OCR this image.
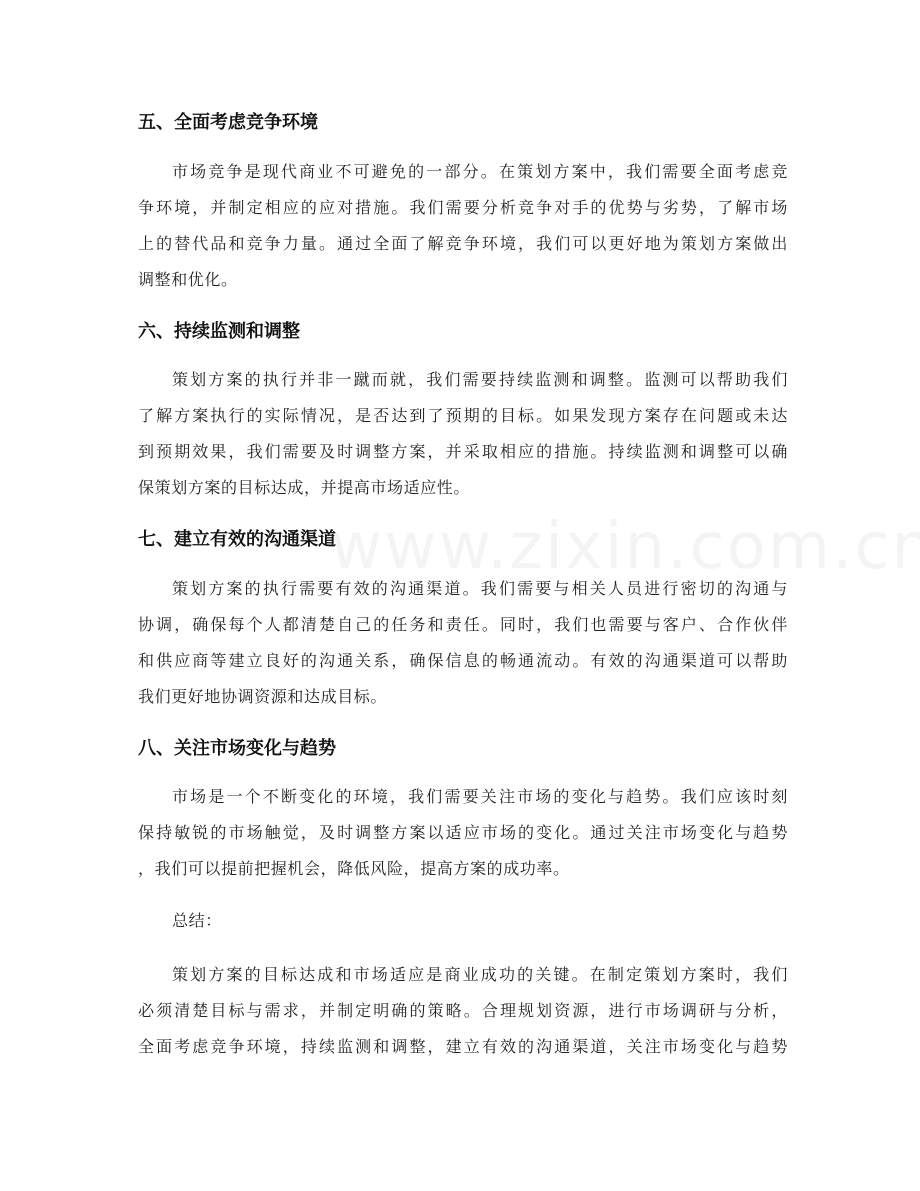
五、全面考虑竞争环境
市场竞争是现代商业不可避免的一部分。在策划方案中，我们需要全面考虑竞
争环境，并制定相应的应对措施。我们需要分析竞争对手的优势与劣势，了解市场
上的替代品和竞争力量。通过全面了解竞争环境，我们可以更好地为策划方案做出
调整和优化。
六、持续监测和调整
策划方案的执行并非一蹴而就，我们需要持续监测和调整。监测可以帮助我们
了解方案执行的实际情况，是否达到了预期的目标。如果发现方案存在问题或未达
到预期效果，我们需要及时调整方案，并采取相应的措施。持续监测和调整可以确
保策划方案的目标达成，并提高市场适应性。
七、建立有效的沟通渠道
策划方案的执行需要有效的沟通渠道。我们需要与相关人员进行密切的沟通与
协调，确保每个人都清楚自己的任务和责任。同时，我们也需要与客户、合作伙伴
和供应商等建立良好的沟通关系，确保信息的畅通流动。有效的沟通渠道可以帮助
我们更好地协调资源和达成目标。
八、关注市场变化与趋势
市场是一个不断变化的环境，我们需要关注市场的变化与趋势。我们应该时刻
保持敏锐的市场触觉，及时调整方案以适应市场的变化。通过关注市场变化与趋势
，我们可以提前把握机会，降低风险，提高方案的成功率。
总结：
策划方案的目标达成和市场适应是商业成功的关键。在制定策划方案时，我们
必须清楚目标与需求，并制定明确的策略。合理规划资源，进行市场调研与分析，
全面考虑竞争环境，持续监测和调整，建立有效的沟通渠道，关注市场变化与趋势
